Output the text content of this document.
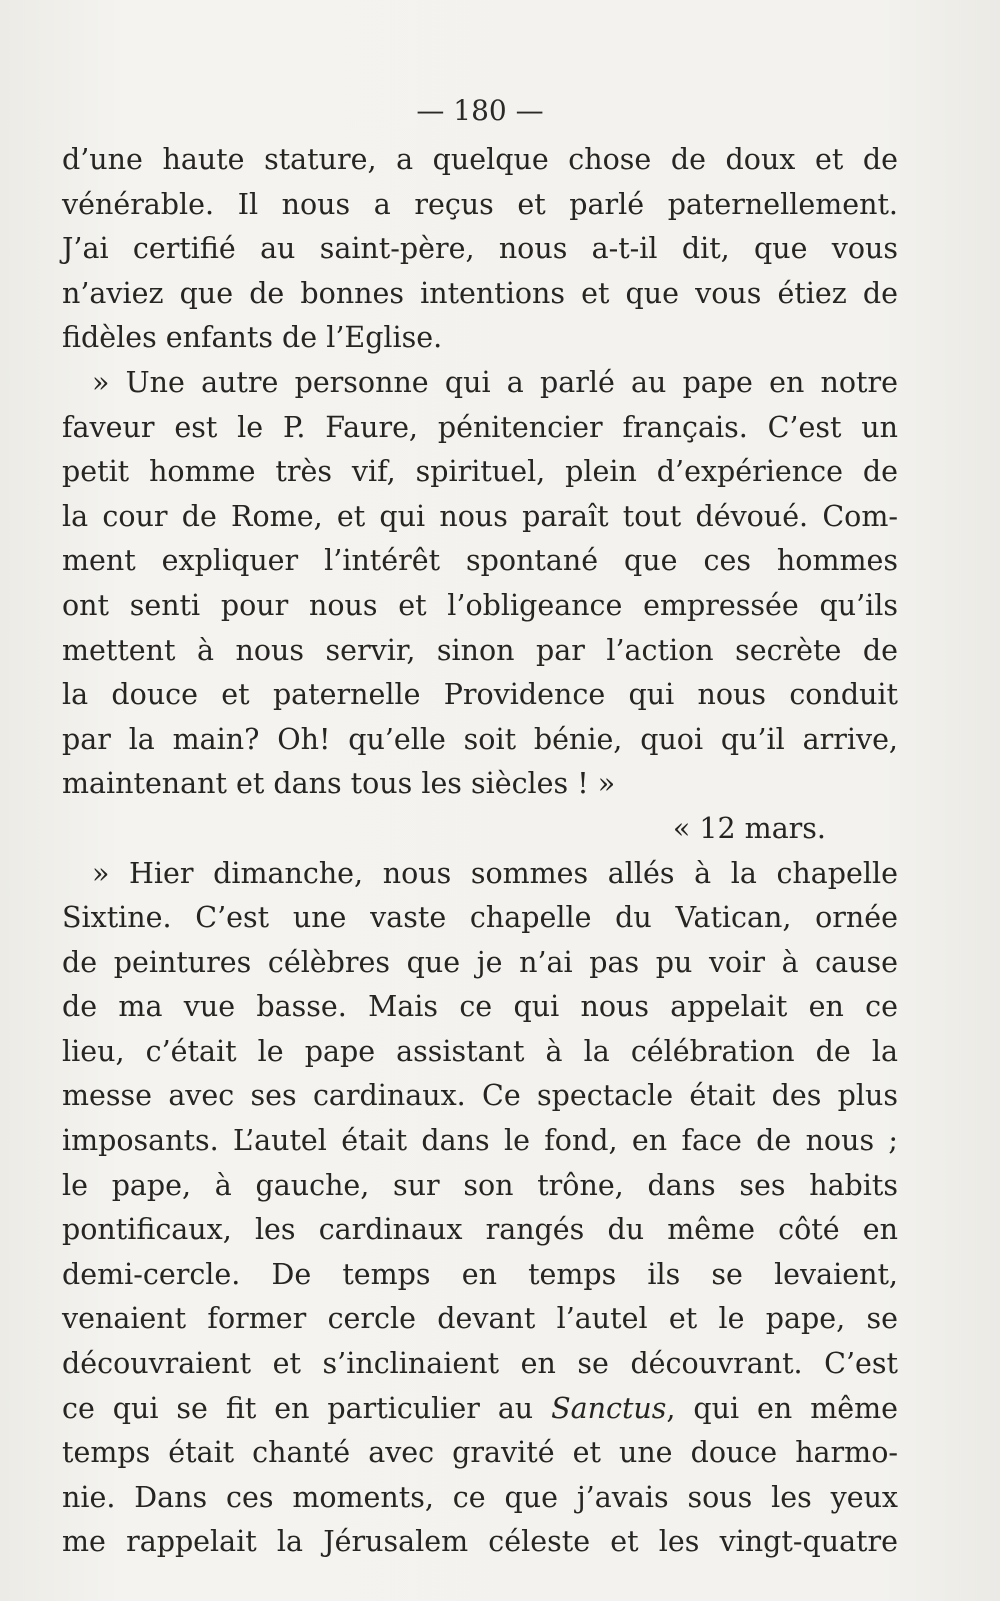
— 180 —
d’une haute stature, a quelque chose de doux et de
vénérable. Il nous a reçus et parlé paternellement.
J’ai certifié au saint-père, nous a-t-il dit, que vous
n’aviez que de bonnes intentions et que vous étiez de
fidèles enfants de l’Eglise.
» Une autre personne qui a parlé au pape en notre
faveur est le P. Faure, pénitencier français. C’est un
petit homme très vif, spirituel, plein d’expérience de
la cour de Rome, et qui nous paraît tout dévoué. Com-
ment expliquer l’intérêt spontané que ces hommes
ont senti pour nous et l’obligeance empressée qu’ils
mettent à nous servir, sinon par l’action secrète de
la douce et paternelle Providence qui nous conduit
par la main? Oh! qu’elle soit bénie, quoi qu’il arrive,
maintenant et dans tous les siècles ! »
« 12 mars.
» Hier dimanche, nous sommes allés à la chapelle
Sixtine. C’est une vaste chapelle du Vatican, ornée
de peintures célèbres que je n’ai pas pu voir à cause
de ma vue basse. Mais ce qui nous appelait en ce
lieu, c’était le pape assistant à la célébration de la
messe avec ses cardinaux. Ce spectacle était des plus
imposants. L’autel était dans le fond, en face de nous ;
le pape, à gauche, sur son trône, dans ses habits
pontificaux, les cardinaux rangés du même côté en
demi-cercle. De temps en temps ils se levaient,
venaient former cercle devant l’autel et le pape, se
découvraient et s’inclinaient en se découvrant. C’est
ce qui se fit en particulier au Sanctus, qui en même
temps était chanté avec gravité et une douce harmo-
nie. Dans ces moments, ce que j’avais sous les yeux
me rappelait la Jérusalem céleste et les vingt-quatre
